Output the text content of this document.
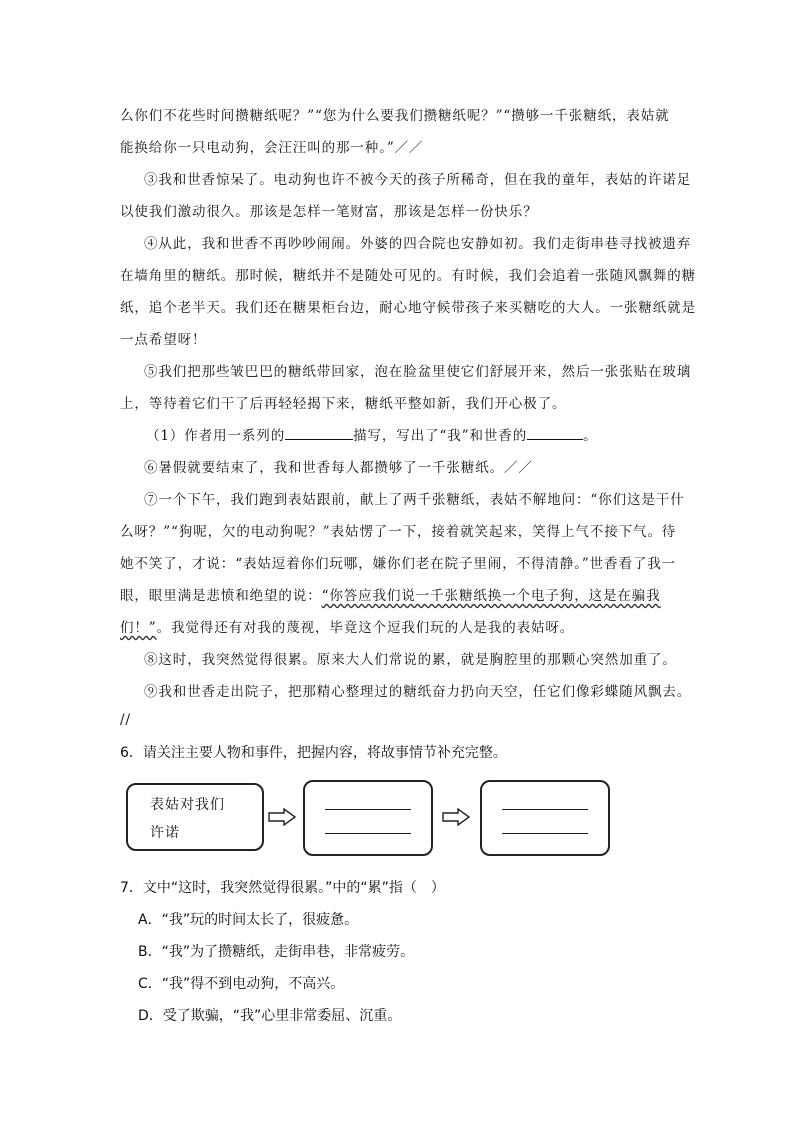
么你们不花些时间攒糖纸呢？”“您为什么要我们攒糖纸呢？”“攒够一千张糖纸，表姑就
能换给你一只电动狗，会汪汪叫的那一种。”／／
③我和世香惊呆了。电动狗也许不被今天的孩子所稀奇，但在我的童年，表姑的许诺足
以使我们激动很久。那该是怎样一笔财富，那该是怎样一份快乐？
④从此，我和世香不再吵吵闹闹。外婆的四合院也安静如初。我们走街串巷寻找被遗弃
在墙角里的糖纸。那时候，糖纸并不是随处可见的。有时候，我们会追着一张随风飘舞的糖
纸，追个老半天。我们还在糖果柜台边，耐心地守候带孩子来买糖吃的大人。一张糖纸就是
一点希望呀！
⑤我们把那些皱巴巴的糖纸带回家，泡在脸盆里使它们舒展开来，然后一张张贴在玻璃
上，等待着它们干了后再轻轻揭下来，糖纸平整如新，我们开心极了。
（1）作者用一系列的	描写，写出了“我”和世香的	。
⑥暑假就要结束了，我和世香每人都攒够了一千张糖纸。／／
⑦一个下午，我们跑到表姑跟前，献上了两千张糖纸，表姑不解地问：“你们这是干什
么呀？”“狗呢，欠的电动狗呢？”表姑愣了一下，接着就笑起来，笑得上气不接下气。待
她不笑了，才说：“表姑逗着你们玩哪，嫌你们老在院子里闹，不得清静。”世香看了我一
眼，眼里满是悲愤和绝望的说：“你答应我们说一千张糖纸换一个电子狗，这是在骗我
们！”。我觉得还有对我的蔑视，毕竟这个逗我们玩的人是我的表姑呀。
⑧这时，我突然觉得很累。原来大人们常说的累，就是胸腔里的那颗心突然加重了。
⑨我和世香走出院子，把那精心整理过的糖纸奋力扔向天空，任它们像彩蝶随风飘去。
//
6．请关注主要人物和事件，把握内容，将故事情节补充完整。
表姑对我们
许诺
7．文中“这时，我突然觉得很累。”中的“累”指（　）
A．“我”玩的时间太长了，很疲惫。
B．“我”为了攒糖纸，走街串巷，非常疲劳。
C．“我”得不到电动狗，不高兴。
D．受了欺骗，“我”心里非常委屈、沉重。
